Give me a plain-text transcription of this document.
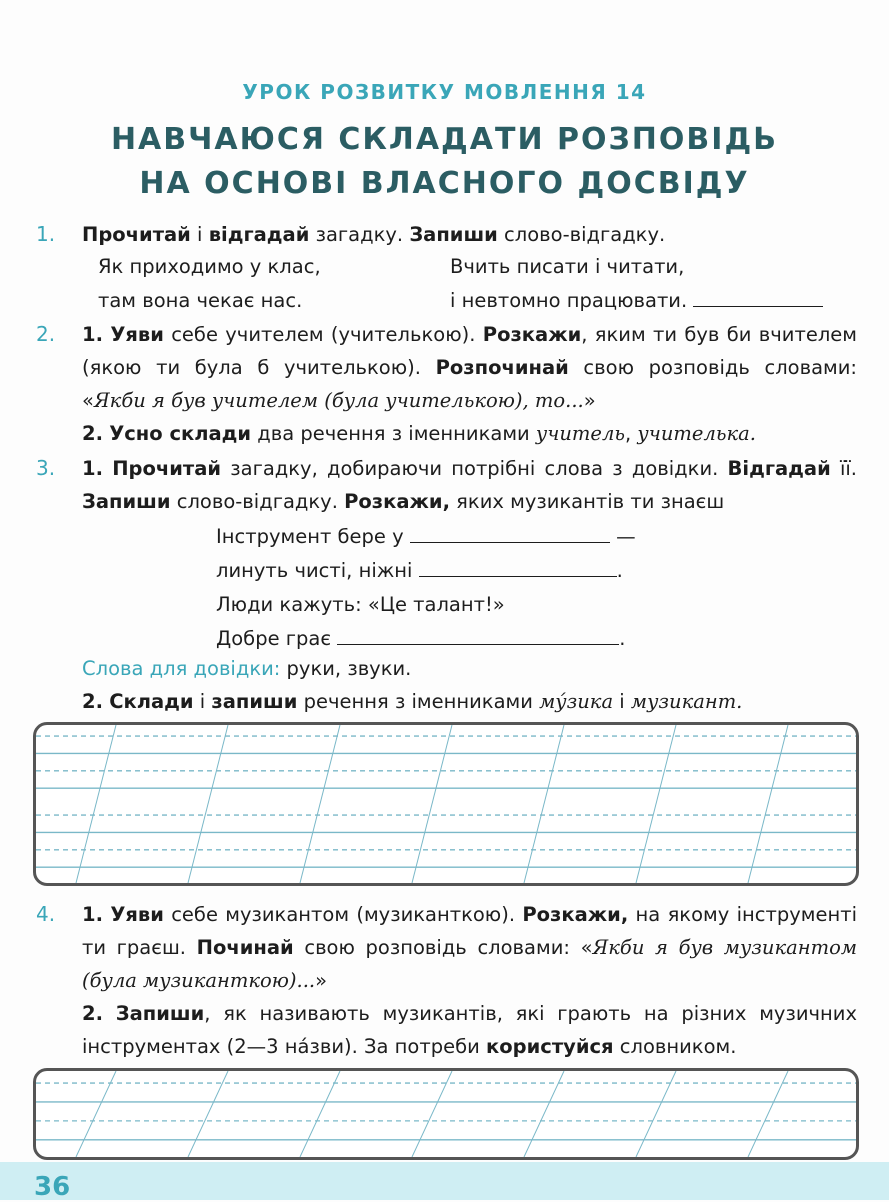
УРОК РОЗВИТКУ МОВЛЕННЯ 14
НАВЧАЮСЯ СКЛАДАТИ РОЗПОВІДЬ
НА ОСНОВІ ВЛАСНОГО ДОСВІДУ
1. Прочитай і відгадай загадку. Запиши слово-відгадку.
Як приходимо у клас,
там вона чекає нас.
Вчить писати і читати,
і невтомно працювати.
2. 1. Уяви себе учителем (учителькою). Розкажи, яким ти був би вчителем (якою ти була б учителькою). Розпочинай свою розповідь словами: «Якби я був учителем (була учителькою), то...»
2. Усно склади два речення з іменниками учитель, учителька.
3. 1. Прочитай загадку, добираючи потрібні слова з довідки. Відгадай її. Запиши слово-відгадку. Розкажи, яких музикантів ти знаєш
Інструмент бере у	—
линуть чисті, ніжні	.
Люди кажуть: «Це талант!»
Добре грає	.
Слова для довідки: руки, звуки.
2. Склади і запиши речення з іменниками му́зика і музикант.
4. 1. Уяви себе музикантом (музиканткою). Розкажи, на якому інструменті ти граєш. Починай свою розповідь словами: «Якби я був музикантом (була музиканткою)...»
2. Запиши, як називають музикантів, які грають на різних музичних інструментах (2—3 на́зви). За потреби користуйся словником.
36
